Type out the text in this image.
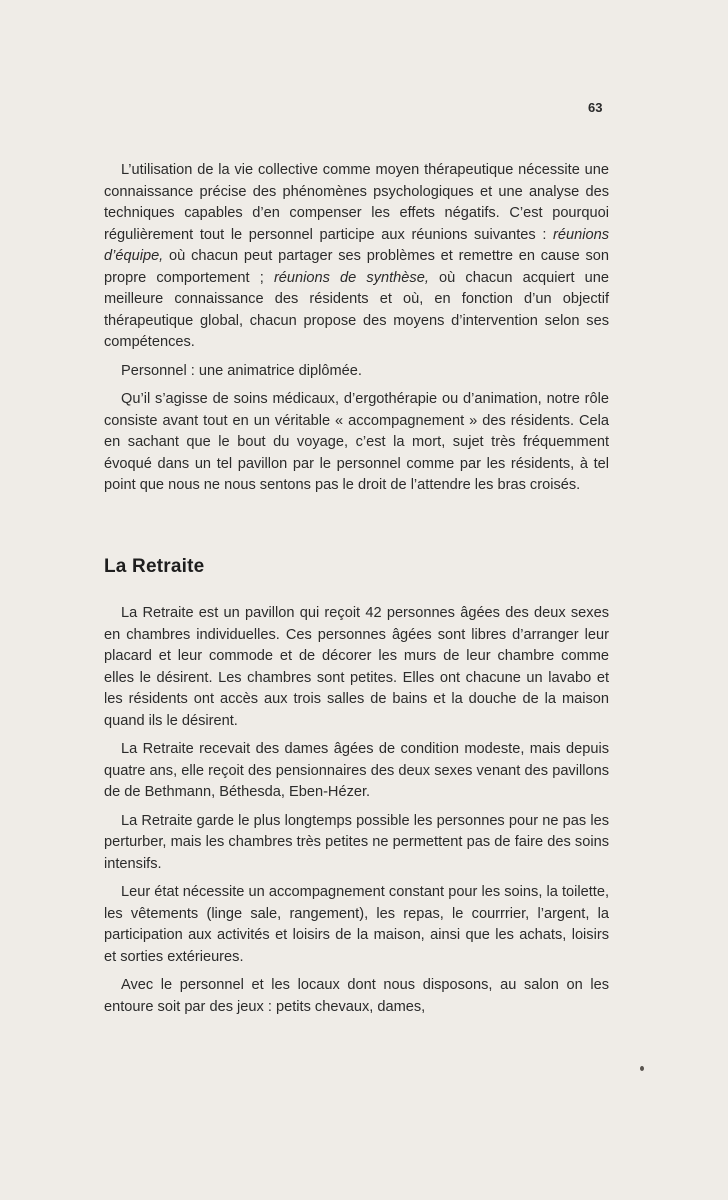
63

L’utilisation de la vie collective comme moyen thérapeutique nécessite une connaissance précise des phénomènes psychologiques et une analyse des techniques capables d’en compenser les effets négatifs. C’est pourquoi régulièrement tout le personnel participe aux réunions suivantes : réunions d’équipe, où chacun peut partager ses problèmes et remettre en cause son propre comportement ; réunions de synthèse, où chacun acquiert une meilleure connaissance des résidents et où, en fonction d’un objectif thérapeutique global, chacun propose des moyens d’intervention selon ses compétences.

Personnel : une animatrice diplômée.

Qu’il s’agisse de soins médicaux, d’ergothérapie ou d’animation, notre rôle consiste avant tout en un véritable « accompagnement » des résidents. Cela en sachant que le bout du voyage, c’est la mort, sujet très fréquemment évoqué dans un tel pavillon par le personnel comme par les résidents, à tel point que nous ne nous sentons pas le droit de l’attendre les bras croisés.

La Retraite

La Retraite est un pavillon qui reçoit 42 personnes âgées des deux sexes en chambres individuelles. Ces personnes âgées sont libres d’arranger leur placard et leur commode et de décorer les murs de leur chambre comme elles le désirent. Les chambres sont petites. Elles ont chacune un lavabo et les résidents ont accès aux trois salles de bains et la douche de la maison quand ils le désirent.

La Retraite recevait des dames âgées de condition modeste, mais depuis quatre ans, elle reçoit des pensionnaires des deux sexes venant des pavillons de de Bethmann, Béthesda, Eben-Hézer.

La Retraite garde le plus longtemps possible les personnes pour ne pas les perturber, mais les chambres très petites ne permettent pas de faire des soins intensifs.

Leur état nécessite un accompagnement constant pour les soins, la toilette, les vêtements (linge sale, rangement), les repas, le courrrier, l’argent, la participation aux activités et loisirs de la maison, ainsi que les achats, loisirs et sorties extérieures.

Avec le personnel et les locaux dont nous disposons, au salon on les entoure soit par des jeux : petits chevaux, dames,
